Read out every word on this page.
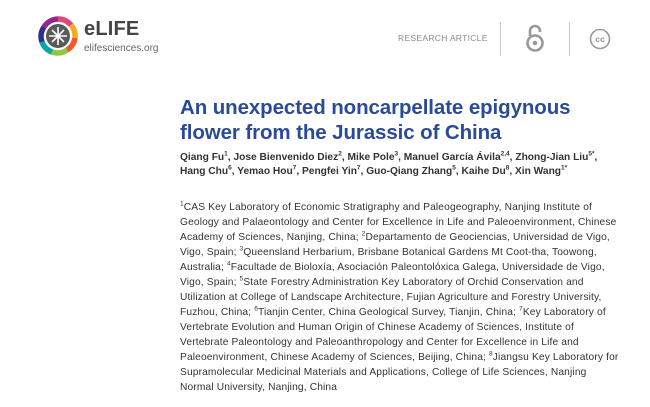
eLIFE
elifesciences.org
RESEARCH ARTICLE	cc
An unexpected noncarpellate epigynous flower from the Jurassic of China

Qiang Fu$^1$, Jose Bienvenido Diez$^2$, Mike Pole$^3$, Manuel García Ávila$^{2,4}$, Zhong-Jian Liu$^{5*}$, Hang Chu$^6$, Yemao Hou$^7$, Pengfei Yin$^7$, Guo-Qiang Zhang$^5$, Kaihe Du$^8$, Xin Wang$^{1*}$

$^1$CAS Key Laboratory of Economic Stratigraphy and Paleogeography, Nanjing Institute of Geology and Palaeontology and Center for Excellence in Life and Paleoenvironment, Chinese Academy of Sciences, Nanjing, China; $^2$Departamento de Geociencias, Universidad de Vigo, Vigo, Spain; $^3$Queensland Herbarium, Brisbane Botanical Gardens Mt Coot-tha, Toowong, Australia; $^4$Facultade de Bioloxía, Asociación Paleontolóxica Galega, Universidade de Vigo, Vigo, Spain; $^5$State Forestry Administration Key Laboratory of Orchid Conservation and Utilization at College of Landscape Architecture, Fujian Agriculture and Forestry University, Fuzhou, China; $^6$Tianjin Center, China Geological Survey, Tianjin, China; $^7$Key Laboratory of Vertebrate Evolution and Human Origin of Chinese Academy of Sciences, Institute of Vertebrate Paleontology and Paleoanthropology and Center for Excellence in Life and Paleoenvironment, Chinese Academy of Sciences, Beijing, China; $^8$Jiangsu Key Laboratory for Supramolecular Medicinal Materials and Applications, College of Life Sciences, Nanjing Normal University, Nanjing, China
